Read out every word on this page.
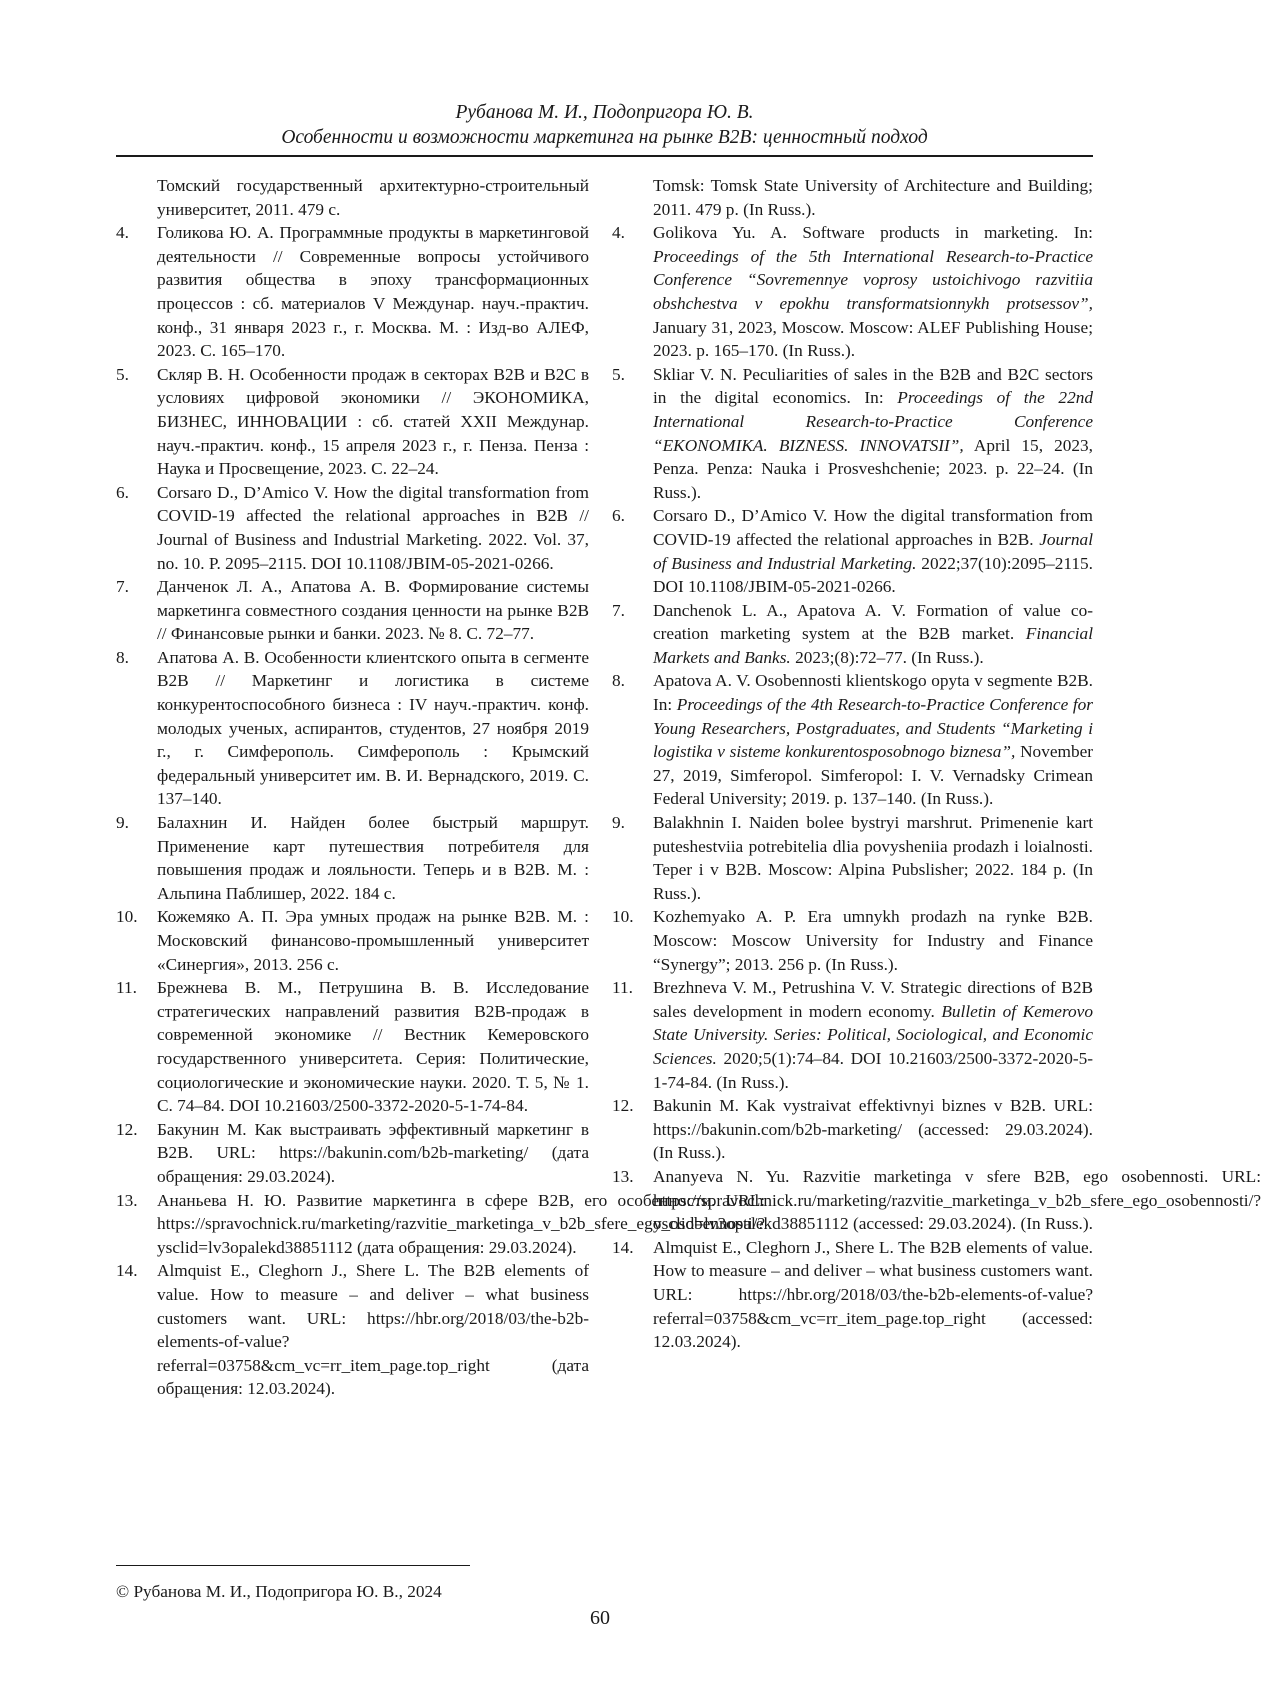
Рубанова М. И., Подопригора Ю. В.
Особенности и возможности маркетинга на рынке B2B: ценностный подход
Томский государственный архитектурно-строительный университет, 2011. 479 с.
4.	Голикова Ю. А. Программные продукты в маркетинговой деятельности // Современные вопросы устойчивого развития общества в эпоху трансформационных процессов : сб. материалов V Междунар. науч.-практич. конф., 31 января 2023 г., г. Москва. М. : Изд-во АЛЕФ, 2023. С. 165–170.
5.	Скляр В. Н. Особенности продаж в секторах B2B и B2C в условиях цифровой экономики // ЭКОНОМИКА, БИЗНЕС, ИННОВАЦИИ : сб. статей XXII Междунар. науч.-практич. конф., 15 апреля 2023 г., г. Пенза. Пенза : Наука и Просвещение, 2023. С. 22–24.
6.	Corsaro D., D’Amico V. How the digital transformation from COVID-19 affected the relational approaches in B2B // Journal of Business and Industrial Marketing. 2022. Vol. 37, no. 10. P. 2095–2115. DOI 10.1108/JBIM-05-2021-0266.
7.	Данченок Л. А., Апатова А. В. Формирование системы маркетинга совместного создания ценности на рынке B2B // Финансовые рынки и банки. 2023. № 8. С. 72–77.
8.	Апатова А. В. Особенности клиентского опыта в сегменте B2B // Маркетинг и логистика в системе конкурентоспособного бизнеса : IV науч.-практич. конф. молодых ученых, аспирантов, студентов, 27 ноября 2019 г., г. Симферополь. Симферополь : Крымский федеральный университет им. В. И. Вернадского, 2019. С. 137–140.
9.	Балахнин И. Найден более быстрый маршрут. Применение карт путешествия потребителя для повышения продаж и лояльности. Теперь и в B2B. М. : Альпина Паблишер, 2022. 184 с.
10.	Кожемяко А. П. Эра умных продаж на рынке B2B. М. : Московский финансово-промышленный университет «Синергия», 2013. 256 с.
11.	Брежнева В. М., Петрушина В. В. Исследование стратегических направлений развития B2B-продаж в современной экономике // Вестник Кемеровского государственного университета. Серия: Политические, социологические и экономические науки. 2020. Т. 5, № 1. С. 74–84. DOI 10.21603/2500-3372-2020-5-1-74-84.
12.	Бакунин М. Как выстраивать эффективный маркетинг в B2B. URL: https://bakunin.com/b2b-marketing/ (дата обращения: 29.03.2024).
13.	Ананьева Н. Ю. Развитие маркетинга в сфере B2B, его особенности. URL: https://spravochnick.ru/marketing/razvitie_marketinga_v_b2b_sfere_ego_osobennosti/?ysclid=lv3opalekd38851112 (дата обращения: 29.03.2024).
14.	Almquist E., Cleghorn J., Shere L. The B2B elements of value. How to measure – and deliver – what business customers want. URL: https://hbr.org/2018/03/the-b2b-elements-of-value?referral=03758&cm_vc=rr_item_page.top_right (дата обращения: 12.03.2024).
Tomsk: Tomsk State University of Architecture and Building; 2011. 479 p. (In Russ.).
4.	Golikova Yu. A. Software products in marketing. In: Proceedings of the 5th International Research-to-Practice Conference “Sovremennye voprosy ustoichivogo razvitiia obshchestva v epokhu transformatsionnykh protsessov”, January 31, 2023, Moscow. Moscow: ALEF Publishing House; 2023. p. 165–170. (In Russ.).
5.	Skliar V. N. Peculiarities of sales in the B2B and B2C sectors in the digital economics. In: Proceedings of the 22nd International Research-to-Practice Conference “EKONOMIKA. BIZNESS. INNOVATSII”, April 15, 2023, Penza. Penza: Nauka i Prosveshchenie; 2023. p. 22–24. (In Russ.).
6.	Corsaro D., D’Amico V. How the digital transformation from COVID-19 affected the relational approaches in B2B. Journal of Business and Industrial Marketing. 2022;37(10):2095–2115. DOI 10.1108/JBIM-05-2021-0266.
7.	Danchenok L. A., Apatova A. V. Formation of value co-creation marketing system at the B2B market. Financial Markets and Banks. 2023;(8):72–77. (In Russ.).
8.	Apatova A. V. Osobennosti klientskogo opyta v segmente B2B. In: Proceedings of the 4th Research-to-Practice Conference for Young Researchers, Postgraduates, and Students “Marketing i logistika v sisteme konkurentosposobnogo biznesa”, November 27, 2019, Simferopol. Simferopol: I. V. Vernadsky Crimean Federal University; 2019. p. 137–140. (In Russ.).
9.	Balakhnin I. Naiden bolee bystryi marshrut. Primenenie kart puteshestviia potrebitelia dlia povysheniia prodazh i loialnosti. Teper i v B2B. Moscow: Alpina Pubslisher; 2022. 184 p. (In Russ.).
10.	Kozhemyako A. P. Era umnykh prodazh na rynke B2B. Moscow: Moscow University for Industry and Finance “Synergy”; 2013. 256 p. (In Russ.).
11.	Brezhneva V. M., Petrushina V. V. Strategic directions of B2B sales development in modern economy. Bulletin of Kemerovo State University. Series: Political, Sociological, and Economic Sciences. 2020;5(1):74–84. DOI 10.21603/2500-3372-2020-5-1-74-84. (In Russ.).
12.	Bakunin M. Kak vystraivat effektivnyi biznes v B2B. URL: https://bakunin.com/b2b-marketing/ (accessed: 29.03.2024). (In Russ.).
13.	Ananyeva N. Yu. Razvitie marketinga v sfere B2B, ego osobennosti. URL: https://spravochnick.ru/marketing/razvitie_marketinga_v_b2b_sfere_ego_osobennosti/?ysclid=lv3opalekd38851112 (accessed: 29.03.2024). (In Russ.).
14.	Almquist E., Cleghorn J., Shere L. The B2B elements of value. How to measure – and deliver – what business customers want. URL: https://hbr.org/2018/03/the-b2b-elements-of-value?referral=03758&cm_vc=rr_item_page.top_right (accessed: 12.03.2024).
© Рубанова М. И., Подопригора Ю. В., 2024
60
